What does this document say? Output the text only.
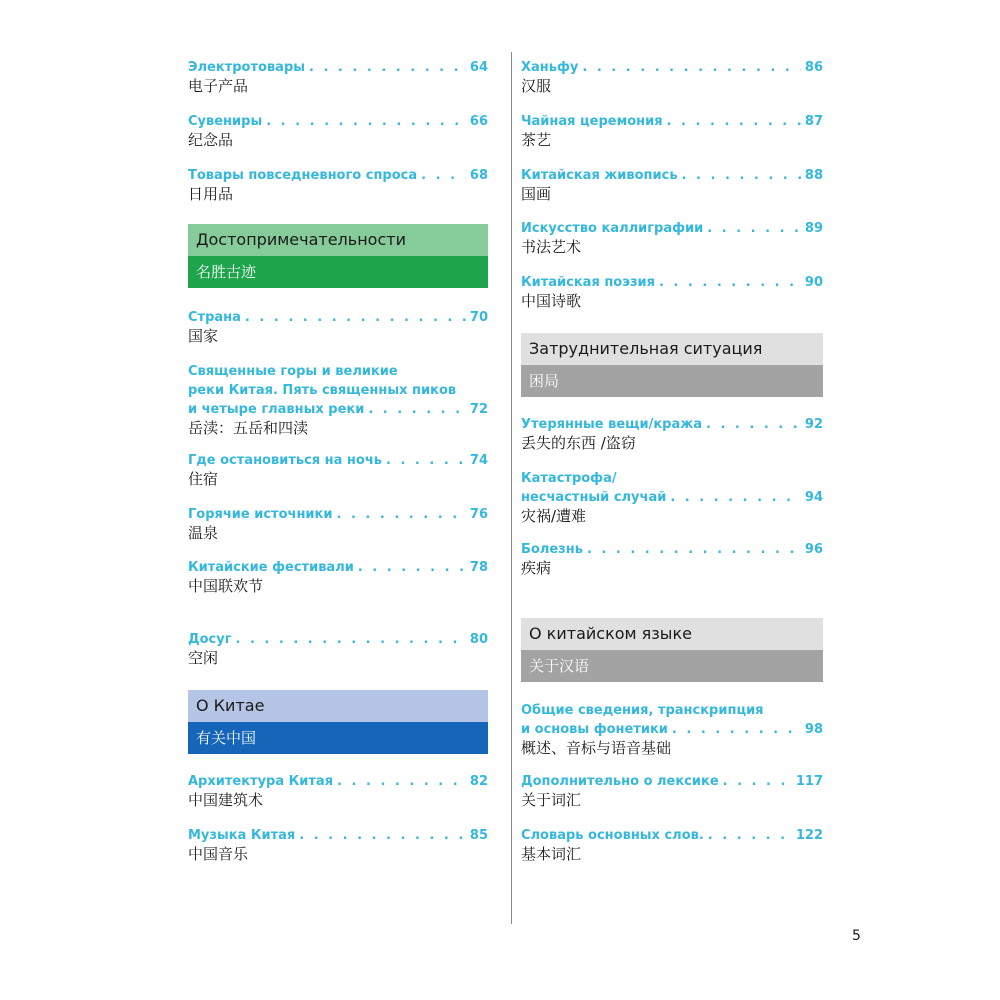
Электротовары . . .	64
电子产品
Сувениры . . .	66
纪念品
Товары повседневного спроса . . .	68
日用品
Достопримечательности
名胜古迹
Страна . . .	70
国家
Священные горы и великие
реки Китая. Пять священных пиков
и четыре главных реки . . .	72
岳渎：五岳和四渎
Где остановиться на ночь . . .	74
住宿
Горячие источники . . .	76
温泉
Китайские фестивали . . .	78
中国联欢节
Досуг . . .	80
空闲
О Китае
有关中国
Архитектура Китая . . .	82
中国建筑术
Музыка Китая . . .	85
中国音乐
Ханьфу . . .	86
汉服
Чайная церемония . . .	87
茶艺
Китайская живопись . . .	88
国画
Искусство каллиграфии . . .	89
书法艺术
Китайская поэзия . . .	90
中国诗歌
Затруднительная ситуация
困局
Утерянные вещи/кража . . .	92
丢失的东西 /盗窃
Катастрофа/
несчастный случай . . .	94
灾祸/遭难
Болезнь . . .	96
疾病
О китайском языке
关于汉语
Общие сведения, транскрипция
и основы фонетики . . .	98
概述、音标与语音基础
Дополнительно о лексике . . .	117
关于词汇
Словарь основных слов. . . .	122
基本词汇
5
